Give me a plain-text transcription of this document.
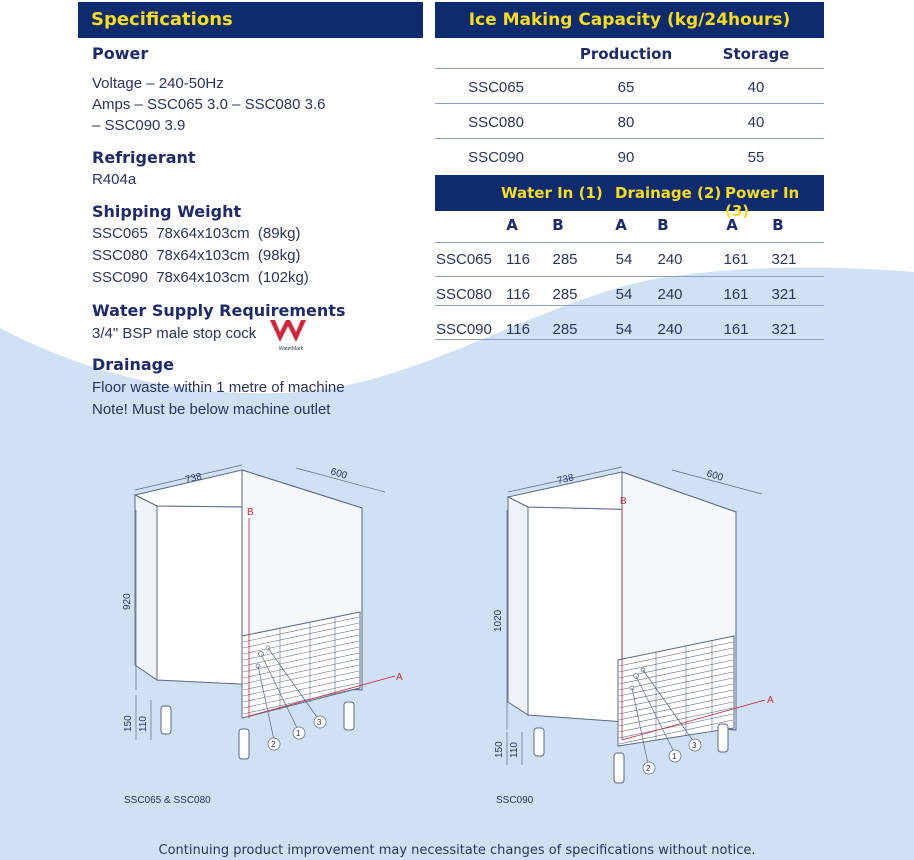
Specifications
Power
Voltage – 240-50Hz
Amps – SSC065 3.0 – SSC080 3.6
– SSC090 3.9
Refrigerant
R404a
Shipping Weight
SSC065  78x64x103cm  (89kg)
SSC080  78x64x103cm  (98kg)
SSC090  78x64x103cm  (102kg)
Water Supply Requirements
3/4" BSP male stop cock
WaterMark
Drainage
Floor waste within 1 metre of machine
Note! Must be below machine outlet
Ice Making Capacity (kg/24hours)
Production	Storage
SSC065	65	40
SSC080	80	40
SSC090	90	55
Water In (1) Drainage (2) Power In (3)
A B	A B	A B
SSC065 116	285	54	240	161	321
SSC080 116	285	54	240	161	321
SSC090 116	285	54	240	161	321
738	600
920
150 110
B
A
1
2
3
SSC065 & SSC080
738	600
1020
150 110
B
A
1
2
3
SSC090
Continuing product improvement may necessitate changes of specifications without notice.
